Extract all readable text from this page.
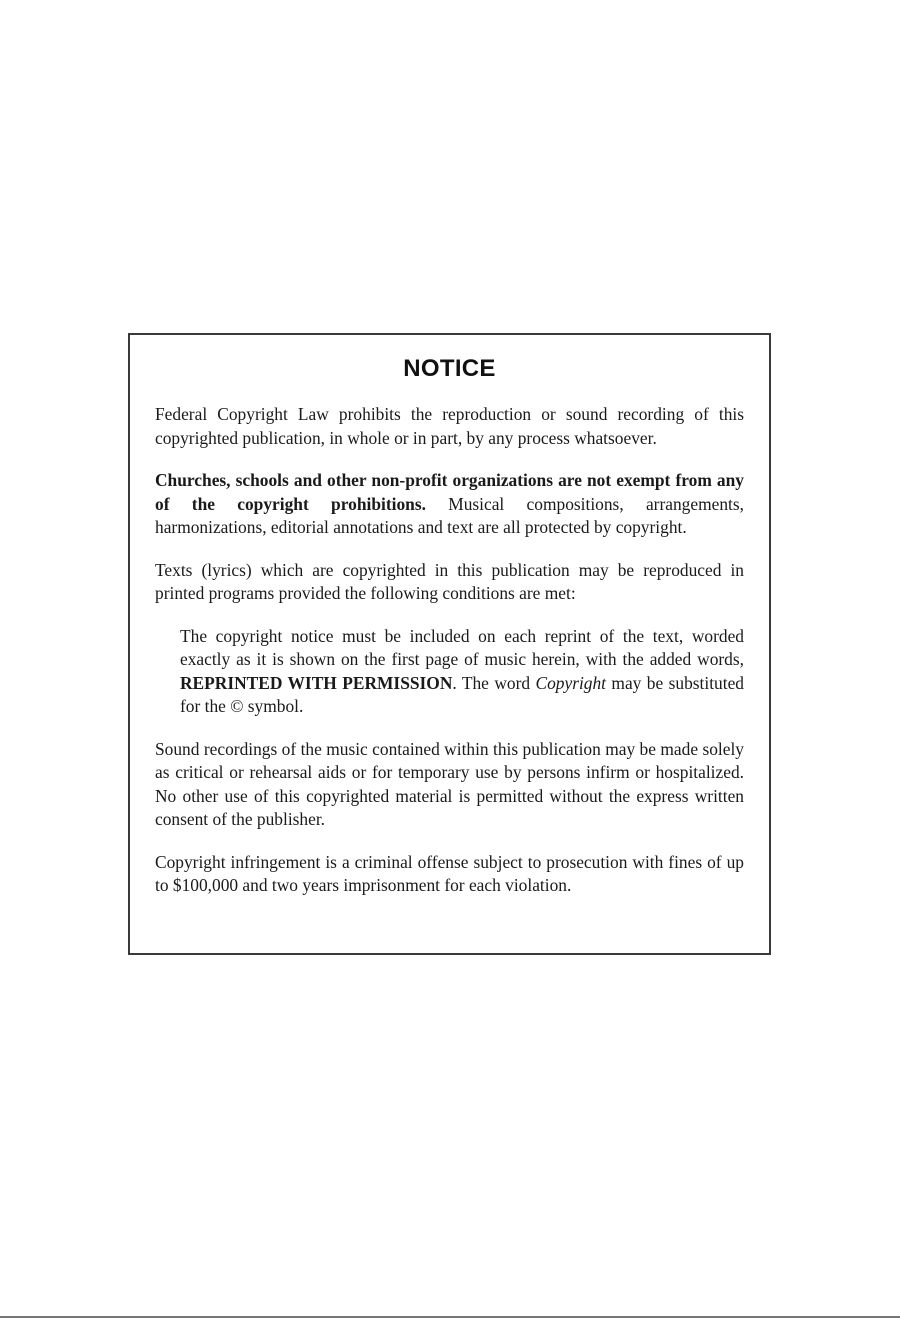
NOTICE

Federal Copyright Law prohibits the reproduction or sound recording of this copyrighted publication, in whole or in part, by any process whatsoever.

Churches, schools and other non-profit organizations are not exempt from any of the copyright prohibitions. Musical compositions, arrangements, harmonizations, editorial annotations and text are all protected by copyright.

Texts (lyrics) which are copyrighted in this publication may be reproduced in printed programs provided the following conditions are met:

The copyright notice must be included on each reprint of the text, worded exactly as it is shown on the first page of music herein, with the added words, REPRINTED WITH PERMISSION. The word Copyright may be substituted for the © symbol.

Sound recordings of the music contained within this publication may be made solely as critical or rehearsal aids or for temporary use by persons infirm or hospitalized. No other use of this copyrighted material is permitted without the express written consent of the publisher.

Copyright infringement is a criminal offense subject to prosecution with fines of up to $100,000 and two years imprisonment for each violation.
